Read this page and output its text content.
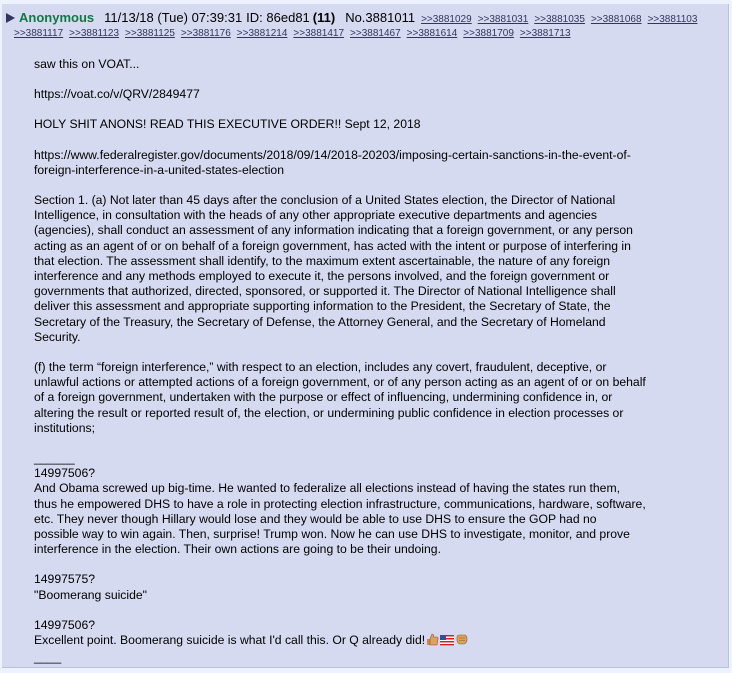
Anonymous 11/13/18 (Tue) 07:39:31 ID: 86ed81 (11) No.3881011 >>3881029 >>3881031 >>3881035 >>3881068 >>3881103
>>3881117 >>3881123 >>3881125 >>3881176 >>3881214 >>3881417 >>3881467 >>3881614 >>3881709 >>3881713

saw this on VOAT...

https://voat.co/v/QRV/2849477

HOLY SHIT ANONS! READ THIS EXECUTIVE ORDER!! Sept 12, 2018

https://www.federalregister.gov/documents/2018/09/14/2018-20203/imposing-certain-sanctions-in-the-event-of-

foreign-interference-in-a-united-states-election

Section 1. (a) Not later than 45 days after the conclusion of a United States election, the Director of National

Intelligence, in consultation with the heads of any other appropriate executive departments and agencies

(agencies), shall conduct an assessment of any information indicating that a foreign government, or any person

acting as an agent of or on behalf of a foreign government, has acted with the intent or purpose of interfering in

that election. The assessment shall identify, to the maximum extent ascertainable, the nature of any foreign

interference and any methods employed to execute it, the persons involved, and the foreign government or

governments that authorized, directed, sponsored, or supported it. The Director of National Intelligence shall

deliver this assessment and appropriate supporting information to the President, the Secretary of State, the

Secretary of the Treasury, the Secretary of Defense, the Attorney General, and the Secretary of Homeland

Security.

(f) the term “foreign interference,” with respect to an election, includes any covert, fraudulent, deceptive, or

unlawful actions or attempted actions of a foreign government, or of any person acting as an agent of or on behalf

of a foreign government, undertaken with the purpose or effect of influencing, undermining confidence in, or

altering the result or reported result of, the election, or undermining public confidence in election processes or

institutions;

______

14997506?

And Obama screwed up big-time. He wanted to federalize all elections instead of having the states run them,

thus he empowered DHS to have a role in protecting election infrastructure, communications, hardware, software,

etc. They never though Hillary would lose and they would be able to use DHS to ensure the GOP had no

possible way to win again. Then, surprise! Trump won. Now he can use DHS to investigate, monitor, and prove

interference in the election. Their own actions are going to be their undoing.

14997575?

"Boomerang suicide"

14997506?

Excellent point. Boomerang suicide is what I'd call this. Or Q already did!

____
